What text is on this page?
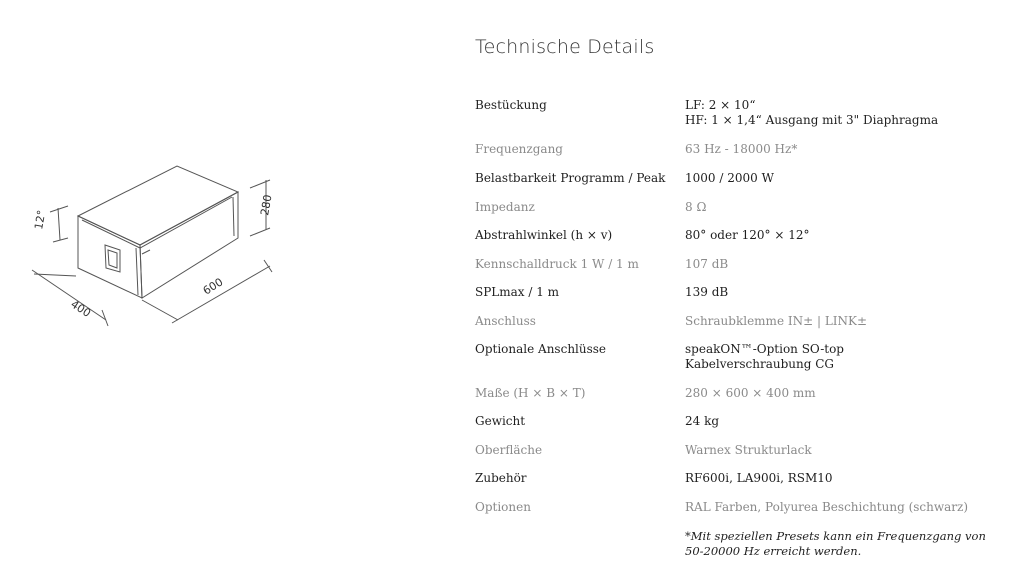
12°
280
400
600
Technische Details
Bestückung	LF: 2 × 10“
HF: 1 × 1,4“ Ausgang mit 3" Diaphragma
Frequenzgang	63 Hz - 18000 Hz*
Belastbarkeit Programm / Peak	1000 / 2000 W
Impedanz	8 Ω
Abstrahlwinkel (h × v)	80° oder 120° × 12°
Kennschalldruck 1 W / 1 m	107 dB
SPLmax / 1 m	139 dB
Anschluss	Schraubklemme IN± | LINK±
Optionale Anschlüsse	speakON™-Option SO-top
Kabelverschraubung CG
Maße (H × B × T)	280 × 600 × 400 mm
Gewicht	24 kg
Oberfläche	Warnex Strukturlack
Zubehör	RF600i, LA900i, RSM10
Optionen	RAL Farben, Polyurea Beschichtung (schwarz)
*Mit speziellen Presets kann ein Frequenzgang von
50-20000 Hz erreicht werden.
